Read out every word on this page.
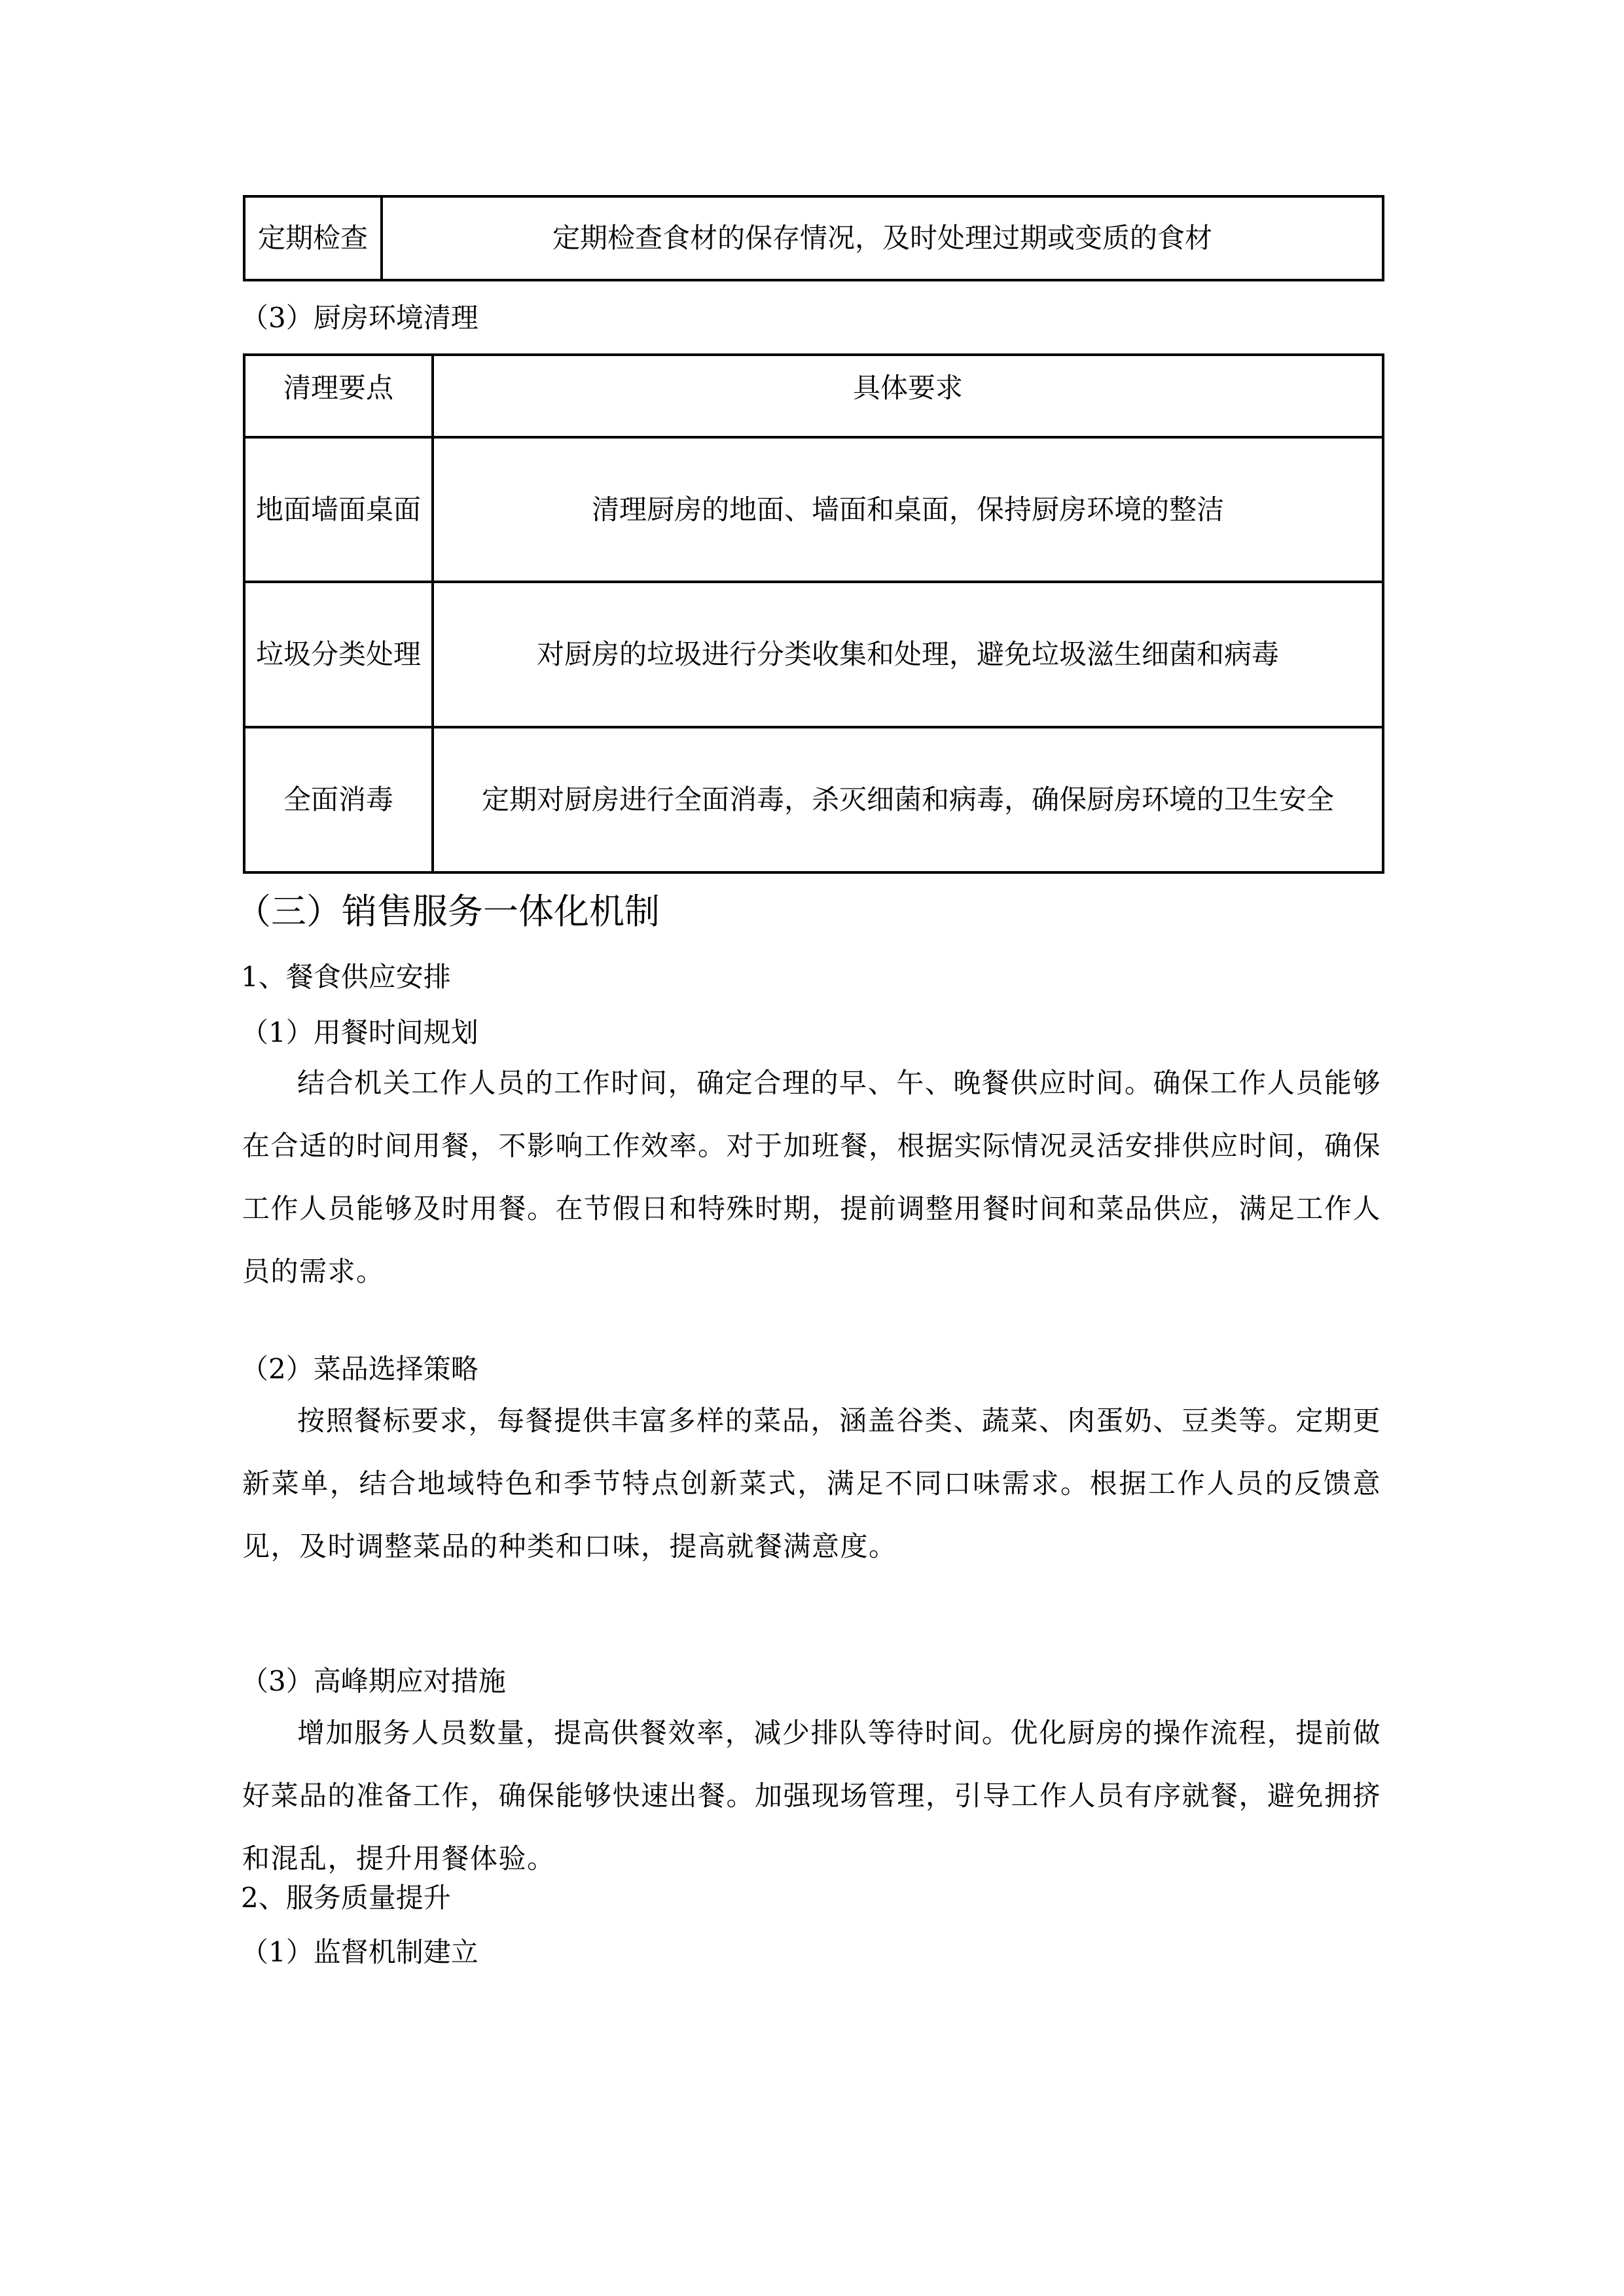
定期检查	定期检查食材的保存情况，及时处理过期或变质的食材
（3）厨房环境清理
清理要点	具体要求
地面墙面桌面	清理厨房的地面、墙面和桌面，保持厨房环境的整洁
垃圾分类处理	对厨房的垃圾进行分类收集和处理，避免垃圾滋生细菌和病毒
全面消毒	定期对厨房进行全面消毒，杀灭细菌和病毒，确保厨房环境的卫生安全
（三）销售服务一体化机制
1、餐食供应安排
（1）用餐时间规划
结合机关工作人员的工作时间，确定合理的早、午、晚餐供应时间。确保工作人员能够在合适的时间用餐，不影响工作效率。对于加班餐，根据实际情况灵活安排供应时间，确保工作人员能够及时用餐。在节假日和特殊时期，提前调整用餐时间和菜品供应，满足工作人员的需求。
（2）菜品选择策略
按照餐标要求，每餐提供丰富多样的菜品，涵盖谷类、蔬菜、肉蛋奶、豆类等。定期更新菜单，结合地域特色和季节特点创新菜式，满足不同口味需求。根据工作人员的反馈意见，及时调整菜品的种类和口味，提高就餐满意度。
（3）高峰期应对措施
增加服务人员数量，提高供餐效率，减少排队等待时间。优化厨房的操作流程，提前做好菜品的准备工作，确保能够快速出餐。加强现场管理，引导工作人员有序就餐，避免拥挤和混乱，提升用餐体验。
2、服务质量提升
（1）监督机制建立
